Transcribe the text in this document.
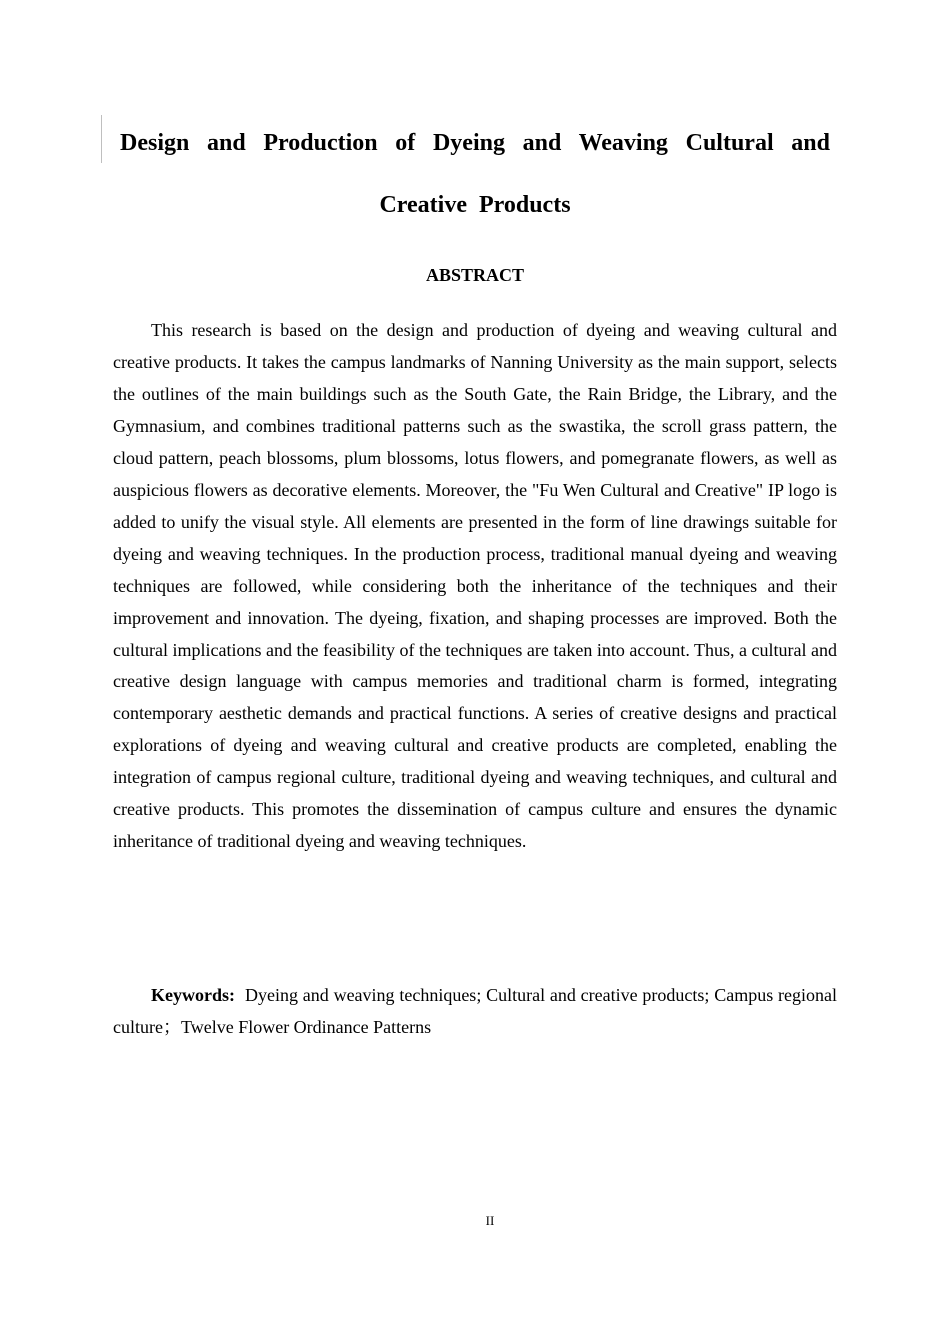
Design and Production of Dyeing and Weaving Cultural and
Creative Products
ABSTRACT

This research is based on the design and production of dyeing and weaving cultural and creative products. It takes the campus landmarks of Nanning University as the main support, selects the outlines of the main buildings such as the South Gate, the Rain Bridge, the Library, and the Gymnasium, and combines traditional patterns such as the swastika, the scroll grass pattern, the cloud pattern, peach blossoms, plum blossoms, lotus flowers, and pomegranate flowers, as well as auspicious flowers as decorative elements. Moreover, the "Fu Wen Cultural and Creative" IP logo is added to unify the visual style. All elements are presented in the form of line drawings suitable for dyeing and weaving techniques. In the production process, traditional manual dyeing and weaving techniques are followed, while considering both the inheritance of the techniques and their improvement and innovation. The dyeing, fixation, and shaping processes are improved. Both the cultural implications and the feasibility of the techniques are taken into account. Thus, a cultural and creative design language with campus memories and traditional charm is formed, integrating contemporary aesthetic demands and practical functions. A series of creative designs and practical explorations of dyeing and weaving cultural and creative products are completed, enabling the integration of campus regional culture, traditional dyeing and weaving techniques, and cultural and creative products. This promotes the dissemination of campus culture and ensures the dynamic inheritance of traditional dyeing and weaving techniques.

Keywords: Dyeing and weaving techniques; Cultural and creative products; Campus regional culture；Twelve Flower Ordinance Patterns

II
